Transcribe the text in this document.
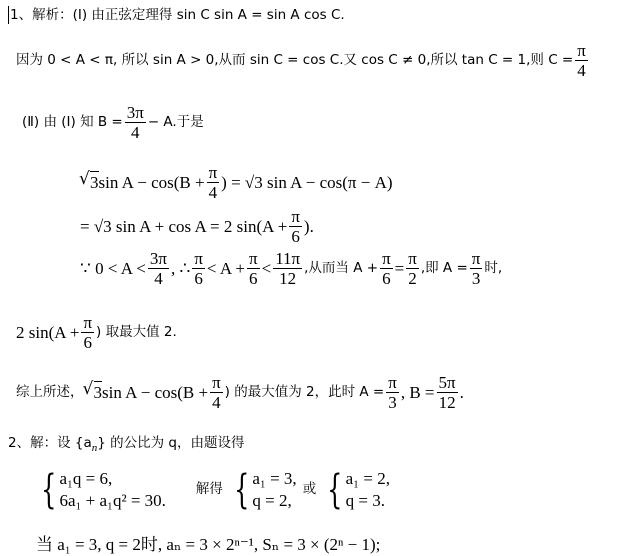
1、解析：(Ⅰ) 由正弦定理得 sin C sin A = sin A cos C.
因为 0 < A < π, 所以 sin A > 0,从而 sin C = cos C.又 cos C ≠ 0,所以 tan C = 1,则 $C = \frac{\pi}{4}$
(Ⅱ) 由 (Ⅰ) 知 $B = \frac{3\pi}{4} - A$.于是
√ 3 $\sin A - \cos(B + \frac{\pi}{4}$ ) = √3 sin A − cos(π − A)
= √3 sin A + cos A = 2 $\sin(A + \frac{\pi}{6}$ ).
∵ $0 < A < \frac{3\pi}{4}$ , ∴ $\frac{\pi}{6} < A + \frac{\pi}{6} < \frac{11\pi}{12}$ ,从而当 $A + \frac{\pi}{6} = \frac{\pi}{2}$ ,即 $A = \frac{\pi}{3}$ 时,
2 $\sin(A + \frac{\pi}{6}$ ) 取最大值 2.
综上所述，
√ 3 $\sin A - \cos(B + \frac{\pi}{4}$ ) 的最大值为 2，此时 $A = \frac{\pi}{3}$ , $B = \frac{5\pi}{12}$ .
2、解：设 $\{a_n\}$ 的公比为 q，由题设得
{ a₁q = 6,
6a₁ + a₁q² = 30.
解得 { a₁ = 3,
q = 2,
或 { a₁ = 2,
q = 3.
当 a₁ = 3, q = 2时, aₙ = 3 × 2ⁿ⁻¹, Sₙ = 3 × (2ⁿ − 1);
